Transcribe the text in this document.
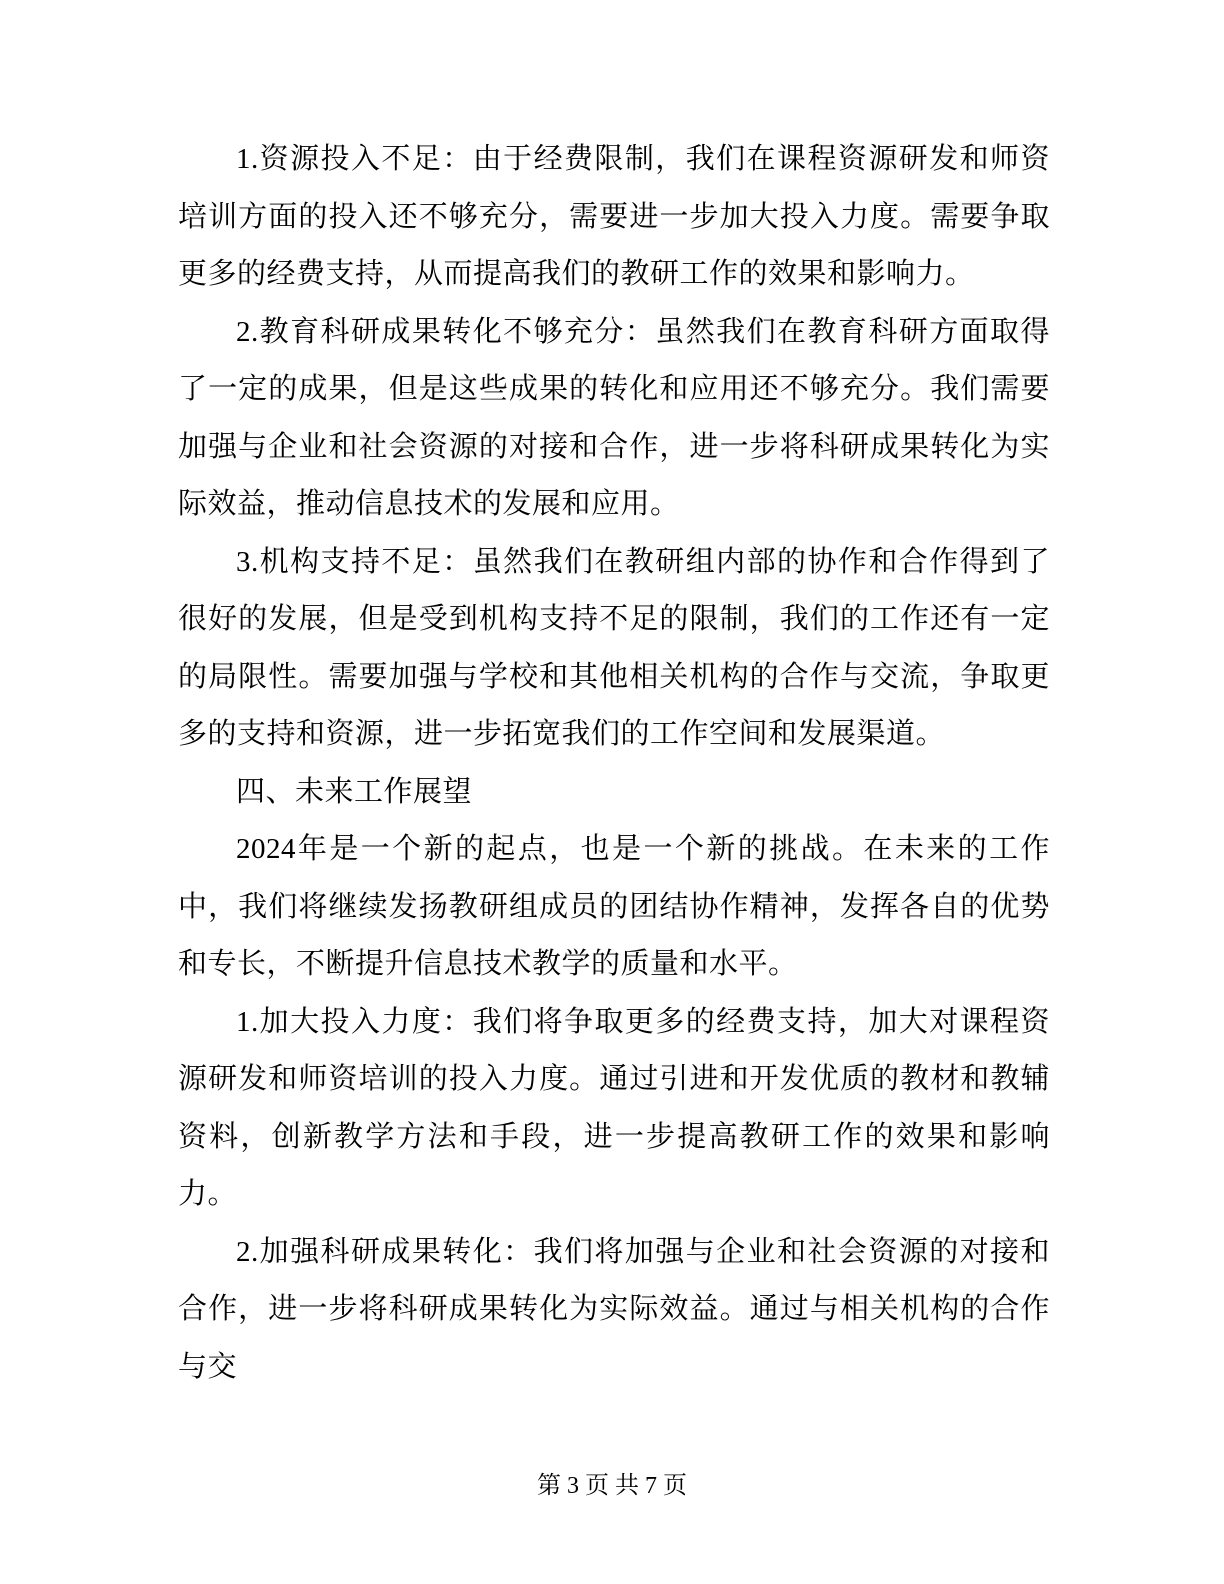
1.资源投入不足：由于经费限制，我们在课程资源研发和师资培训方面的投入还不够充分，需要进一步加大投入力度。需要争取更多的经费支持，从而提高我们的教研工作的效果和影响力。

2.教育科研成果转化不够充分：虽然我们在教育科研方面取得了一定的成果，但是这些成果的转化和应用还不够充分。我们需要加强与企业和社会资源的对接和合作，进一步将科研成果转化为实际效益，推动信息技术的发展和应用。

3.机构支持不足：虽然我们在教研组内部的协作和合作得到了很好的发展，但是受到机构支持不足的限制，我们的工作还有一定的局限性。需要加强与学校和其他相关机构的合作与交流，争取更多的支持和资源，进一步拓宽我们的工作空间和发展渠道。

四、未来工作展望

2024年是一个新的起点，也是一个新的挑战。在未来的工作中，我们将继续发扬教研组成员的团结协作精神，发挥各自的优势和专长，不断提升信息技术教学的质量和水平。

1.加大投入力度：我们将争取更多的经费支持，加大对课程资源研发和师资培训的投入力度。通过引进和开发优质的教材和教辅资料，创新教学方法和手段，进一步提高教研工作的效果和影响力。

2.加强科研成果转化：我们将加强与企业和社会资源的对接和合作，进一步将科研成果转化为实际效益。通过与相关机构的合作与交

第 3 页 共 7 页
